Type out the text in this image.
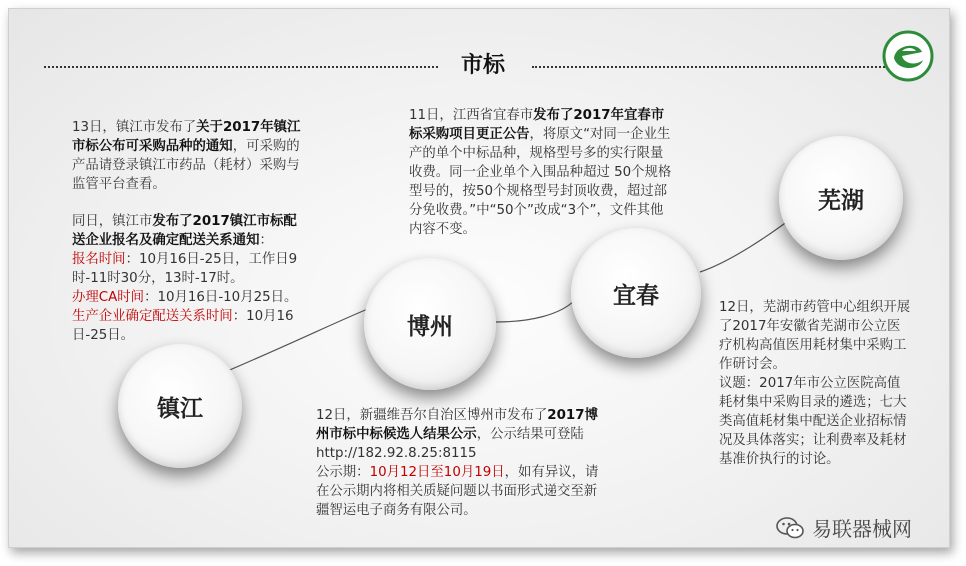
市标
镇江
博州
宜春
芜湖

13日，镇江市发布了关于2017年镇江市标公布可采购品种的通知，可采购的产品请登录镇江市药品（耗材）采购与监管平台查看。

同日，镇江市发布了2017镇江市标配送企业报名及确定配送关系通知：

报名时间：10月16日-25日，工作日9时-11时30分，13时-17时。

办理CA时间：10月16日-10月25日。

生产企业确定配送关系时间：10月16日-25日。

11日，江西省宜春市发布了2017年宜春市标采购项目更正公告，将原文“对同一企业生产的单个中标品种，规格型号多的实行限量收费。同一企业单个入围品种超过 50个规格型号的，按50个规格型号封顶收费，超过部分免收费。”中“50个”改成“3个”，文件其他内容不变。

12日，新疆维吾尔自治区博州市发布了2017博州市标中标候选人结果公示，公示结果可登陆http://182.92.8.25:8115

公示期：10月12日至10月19日，如有异议，请在公示期内将相关质疑问题以书面形式递交至新疆智运电子商务有限公司。

12日，芜湖市药管中心组织开展了2017年安徽省芜湖市公立医疗机构高值医用耗材集中采购工作研讨会。

议题：2017年市公立医院高值耗材集中采购目录的遴选；七大类高值耗材集中配送企业招标情况及具体落实；让利费率及耗材基准价执行的讨论。

易联器械网
